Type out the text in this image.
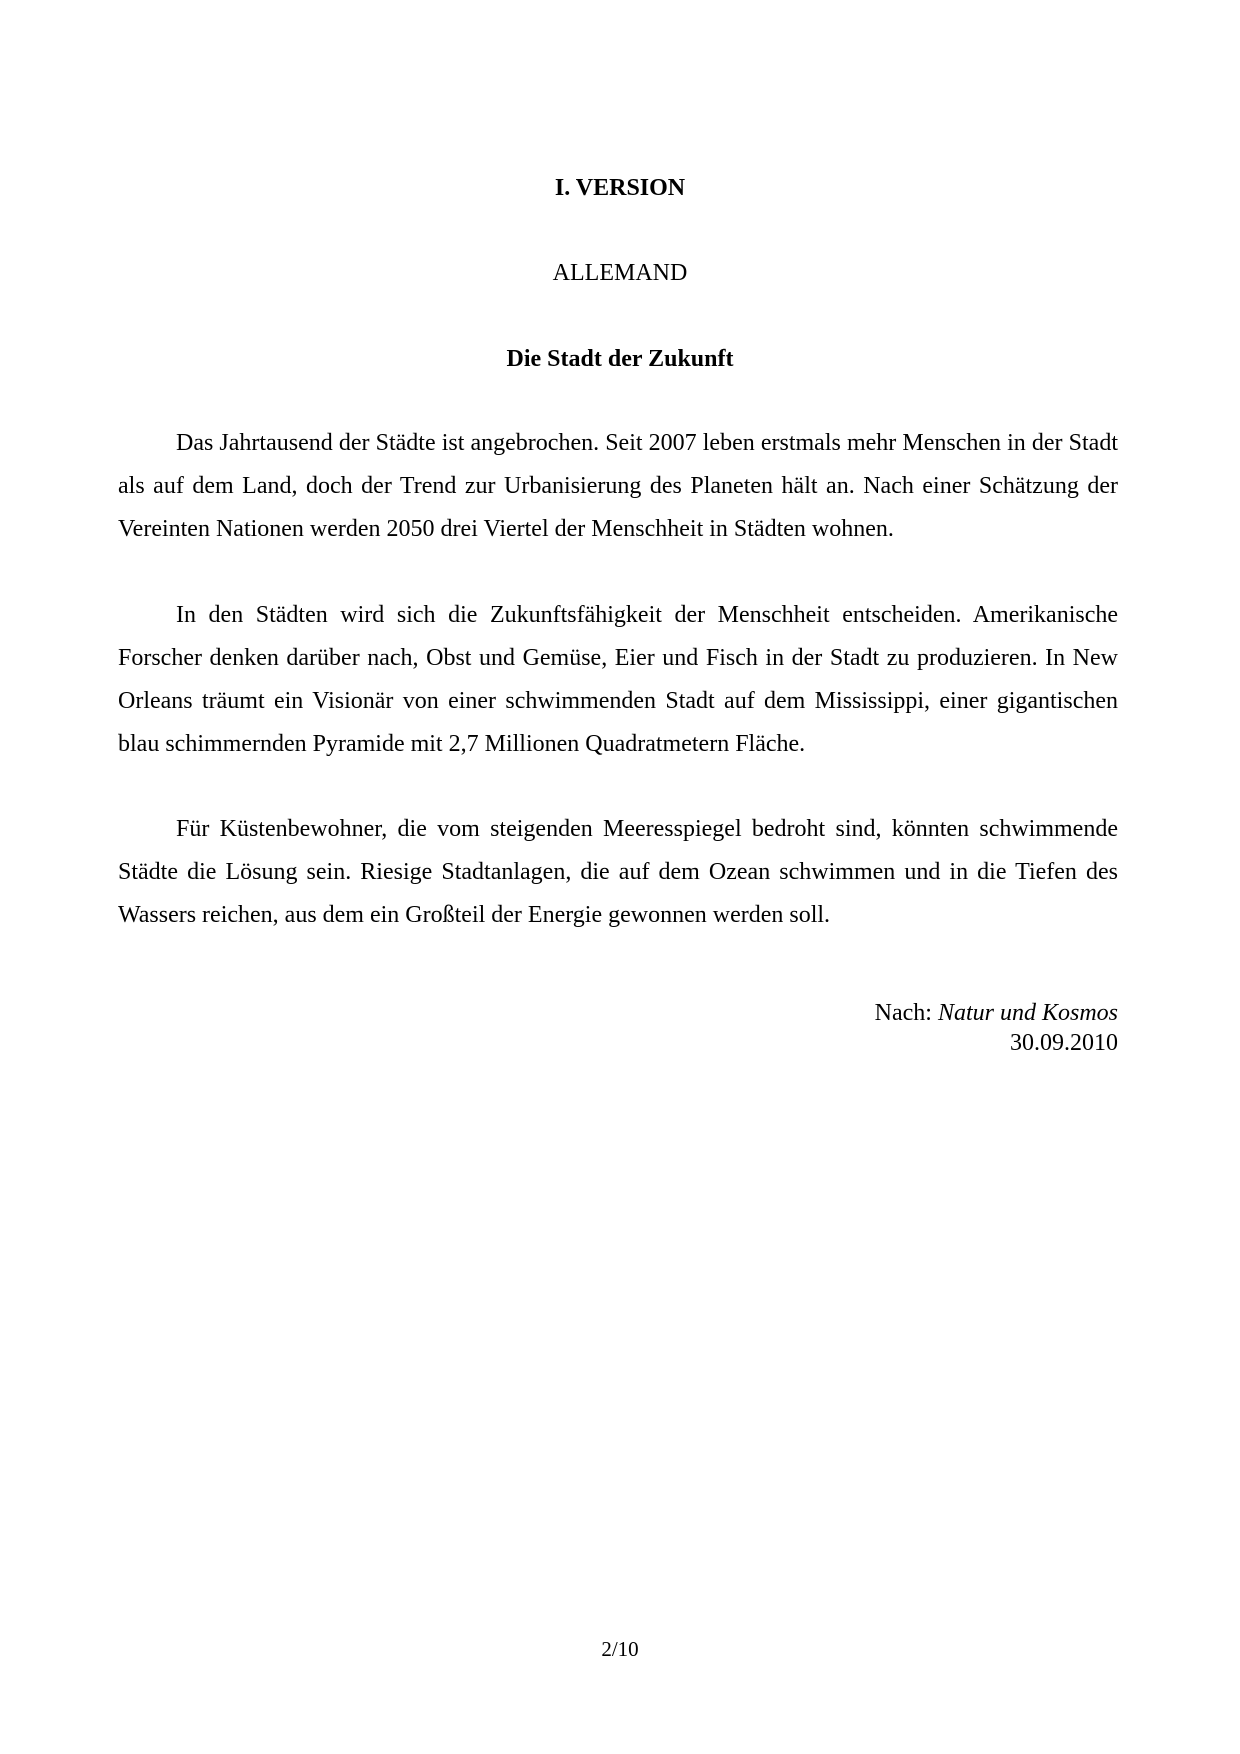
I. VERSION
ALLEMAND
Die Stadt der Zukunft

Das Jahrtausend der Städte ist angebrochen. Seit 2007 leben erstmals mehr Menschen in der Stadt als auf dem Land, doch der Trend zur Urbanisierung des Planeten hält an. Nach einer Schätzung der Vereinten Nationen werden 2050 drei Viertel der Menschheit in Städten wohnen.

In den Städten wird sich die Zukunftsfähigkeit der Menschheit entscheiden. Amerikanische Forscher denken darüber nach, Obst und Gemüse, Eier und Fisch in der Stadt zu produzieren. In New Orleans träumt ein Visionär von einer schwimmenden Stadt auf dem Mississippi, einer gigantischen blau schimmernden Pyramide mit 2,7 Millionen Quadratmetern Fläche.

Für Küstenbewohner, die vom steigenden Meeresspiegel bedroht sind, könnten schwimmende Städte die Lösung sein. Riesige Stadtanlagen, die auf dem Ozean schwimmen und in die Tiefen des Wassers reichen, aus dem ein Großteil der Energie gewonnen werden soll.

Nach: Natur und Kosmos
30.09.2010
2/10
